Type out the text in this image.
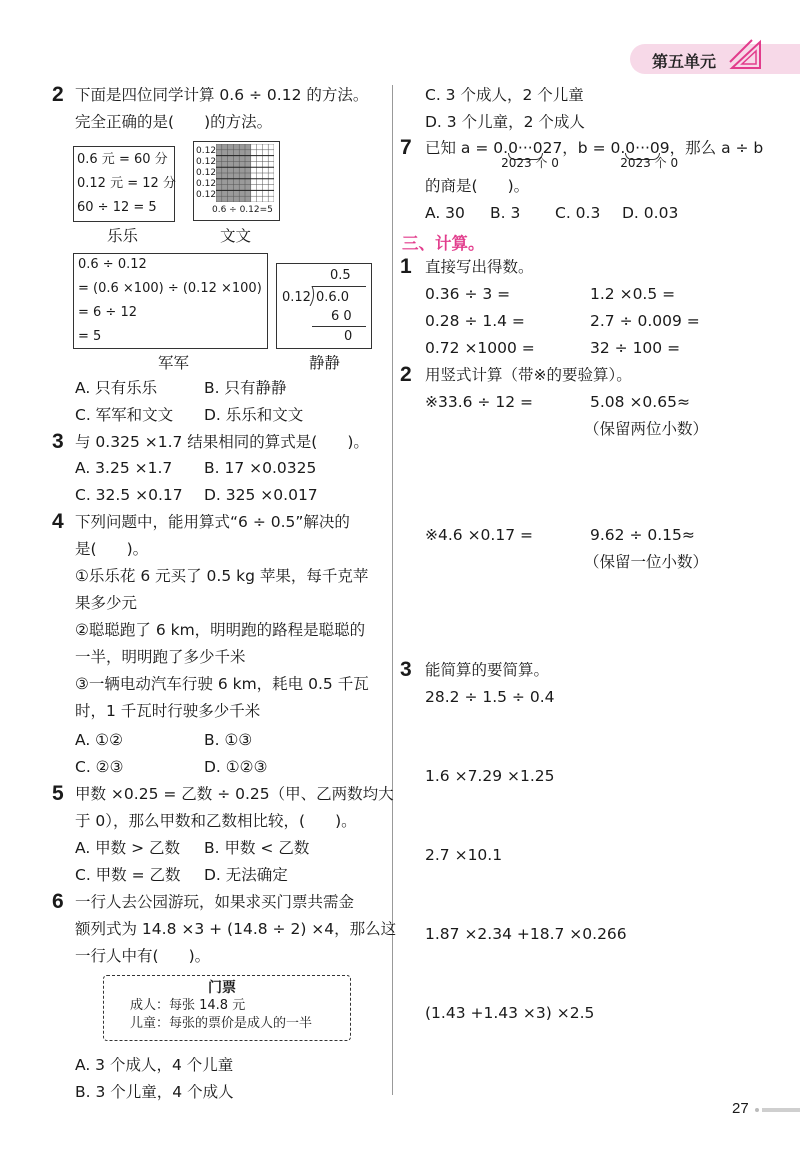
第五单元
2 下面是四位同学计算 0.6 ÷ 0.12 的方法。
完全正确的是( )的方法。
0.6 元 = 60 分
0.12 元 = 12 分
60 ÷ 12 = 5
乐乐
0.12
0.12
0.12
0.12
0.12
0.6 ÷ 0.12=5
文文
0.6 ÷ 0.12
= (0.6 ×100) ÷ (0.12 ×100)
= 6 ÷ 12
= 5
军军
0.5
0.12 0.6.0
6 0
0
静静
A. 只有乐乐	B. 只有静静
C. 军军和文文 D. 乐乐和文文
3 与 0.325 ×1.7 结果相同的算式是( )。
A. 3.25 ×1.7 B. 17 ×0.0325
C. 32.5 ×0.17 D. 325 ×0.017
4 下列问题中，能用算式“6 ÷ 0.5”解决的
是( )。
①乐乐花 6 元买了 0.5 kg 苹果，每千克苹
果多少元
②聪聪跑了 6 km，明明跑的路程是聪聪的
一半，明明跑了多少千米
③一辆电动汽车行驶 6 km，耗电 0.5 千瓦
时，1 千瓦时行驶多少千米
A. ①②	B. ①③
C. ②③	D. ①②③
5 甲数 ×0.25 = 乙数 ÷ 0.25（甲、乙两数均大
于 0），那么甲数和乙数相比较，( )。
A. 甲数 > 乙数 B. 甲数 < 乙数
C. 甲数 = 乙数 D. 无法确定
6 一行人去公园游玩，如果求买门票共需金
额列式为 14.8 ×3 + (14.8 ÷ 2) ×4，那么这
一行人中有( )。
门票
成人：每张 14.8 元
儿童：每张的票价是成人的一半
A. 3 个成人，4 个儿童
B. 3 个儿童，4 个成人
C. 3 个成人，2 个儿童
D. 3 个儿童，2 个成人
7 已知 a = 0.0···0
2023 个 0
27，b = 0.0···0
2023 个 0
9，那么 a ÷ b
的商是( )。
A. 30 B. 3 C. 0.3 D. 0.03
三、计算。
1 直接写出得数。
0.36 ÷ 3 =	1.2 ×0.5 =
0.28 ÷ 1.4 =	2.7 ÷ 0.009 =
0.72 ×1000 =	32 ÷ 100 =
2 用竖式计算（带※的要验算）。
※33.6 ÷ 12 =	5.08 ×0.65≈
（保留两位小数）
※4.6 ×0.17 =	9.62 ÷ 0.15≈
（保留一位小数）
3 能简算的要简算。
28.2 ÷ 1.5 ÷ 0.4
1.6 ×7.29 ×1.25
2.7 ×10.1
1.87 ×2.34 +18.7 ×0.266
(1.43 +1.43 ×3) ×2.5
27
